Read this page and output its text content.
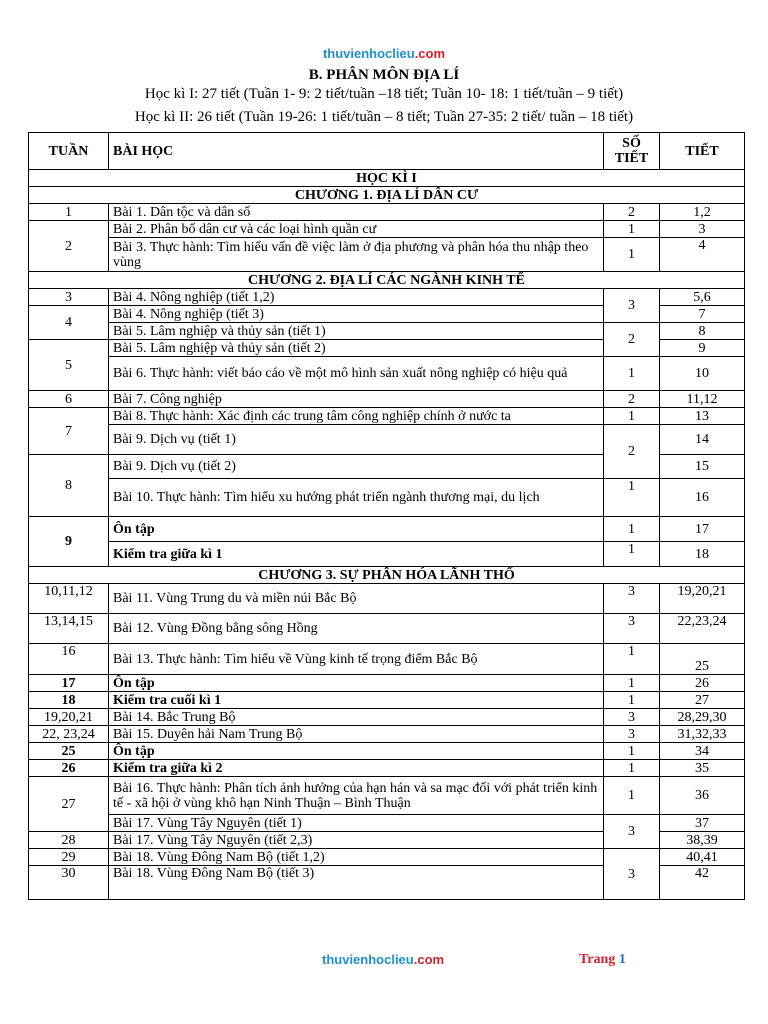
thuvienhoclieu.com
B. PHÂN MÔN ĐỊA LÍ
Học kì I: 27 tiết (Tuần 1- 9: 2 tiết/tuần –18 tiết; Tuần 10- 18: 1 tiết/tuần – 9 tiết)
Học kì II: 26 tiết (Tuần 19-26: 1 tiết/tuần – 8 tiết; Tuần 27-35: 2 tiết/ tuần – 18 tiết)
TUẦN	BÀI HỌC	SỐ TIẾT	TIẾT
HỌC KÌ I			
CHƯƠNG 1. ĐỊA LÍ DÂN CƯ			
1	Bài 1. Dân tộc và dân số	2	1,2
2	Bài 2. Phân bố dân cư và các loại hình quần cư	1	3
	Bài 3. Thực hành: Tìm hiểu vấn đề việc làm ở địa phương và phân hóa thu nhập theo vùng	1	4
CHƯƠNG 2. ĐỊA LÍ CÁC NGÀNH KINH TẾ			
3	Bài 4. Nông nghiệp (tiết 1,2)	3	5,6
4	Bài 4. Nông nghiệp (tiết 3)		7
	Bài 5. Lâm nghiệp và thủy sản (tiết 1)	2	8
5	Bài 5. Lâm nghiệp và thủy sản (tiết 2)		9
	Bài 6. Thực hành: viết báo cáo về một mô hình sản xuất nông nghiệp có hiệu quả	1	10
6	Bài 7. Công nghiệp	2	11,12
7	Bài 8. Thực hành: Xác định các trung tâm công nghiệp chính ở nước ta	1	13
	Bài 9. Dịch vụ (tiết 1)	2	14
8	Bài 9. Dịch vụ (tiết 2)		15
	Bài 10. Thực hành: Tìm hiểu xu hướng phát triển ngành thương mại, du lịch	1	16
9	Ôn tập	1	17
	Kiểm tra giữa kì 1	1	18
CHƯƠNG 3. SỰ PHÂN HÓA LÃNH THỔ			
10,11,12	Bài 11. Vùng Trung du và miền núi Bắc Bộ	3	19,20,21
13,14,15	Bài 12. Vùng Đồng bằng sông Hồng	3	22,23,24
16	Bài 13. Thực hành: Tìm hiểu về Vùng kinh tế trọng điểm Bắc Bộ	1	25
17	Ôn tập	1	26
18	Kiểm tra cuối kì 1	1	27
19,20,21	Bài 14. Bắc Trung Bộ	3	28,29,30
22, 23,24	Bài 15. Duyên hải Nam Trung Bộ	3	31,32,33
25	Ôn tập	1	34
26	Kiểm tra giữa kì 2	1	35
27	Bài 16. Thực hành: Phân tích ảnh hưởng của hạn hán và sa mạc đối với phát triển kinh tế - xã hội ở vùng khô hạn Ninh Thuận – Bình Thuận	1	36
	Bài 17. Vùng Tây Nguyên (tiết 1)	3	37
28	Bài 17. Vùng Tây Nguyên (tiết 2,3)		38,39
29	Bài 18. Vùng Đông Nam Bộ (tiết 1,2)	3	40,41
30	Bài 18. Vùng Đông Nam Bộ (tiết 3)		42
thuvienhoclieu.com	Trang 1
